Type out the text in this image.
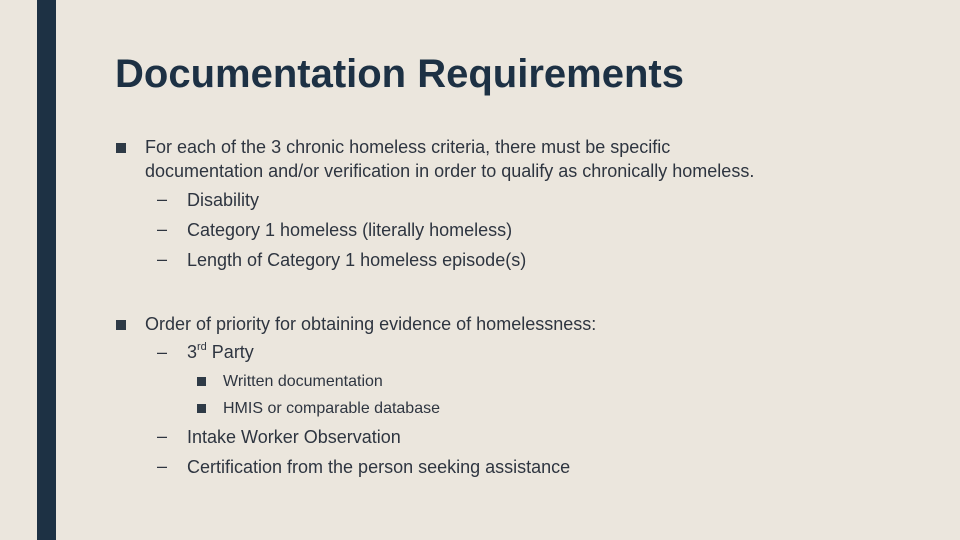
Documentation Requirements
For each of the 3 chronic homeless criteria, there must be specific
documentation and/or verification in order to qualify as chronically homeless.
– Disability
– Category 1 homeless (literally homeless)
– Length of Category 1 homeless episode(s)
Order of priority for obtaining evidence of homelessness:
– 3rd Party
Written documentation
HMIS or comparable database
– Intake Worker Observation
– Certification from the person seeking assistance
